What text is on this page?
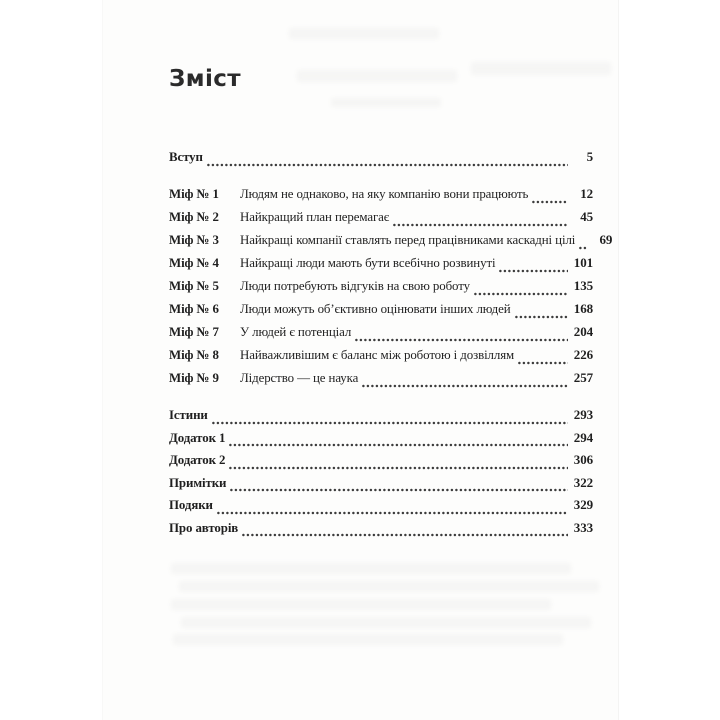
Зміст
Вступ	5
Міф № 1	Людям не однаково, на яку компанію вони працюють	12
Міф № 2	Найкращий план перемагає	45
Міф № 3	Найкращі компанії ставлять перед працівниками каскадні цілі	69
Міф № 4	Найкращі люди мають бути всебічно розвинуті	101
Міф № 5	Люди потребують відгуків на свою роботу	135
Міф № 6	Люди можуть об’єктивно оцінювати інших людей	168
Міф № 7	У людей є потенціал	204
Міф № 8	Найважливішим є баланс між роботою і дозвіллям	226
Міф № 9	Лідерство — це наука	257
Істини	293
Додаток 1	294
Додаток 2	306
Примітки	322
Подяки	329
Про авторів	333
